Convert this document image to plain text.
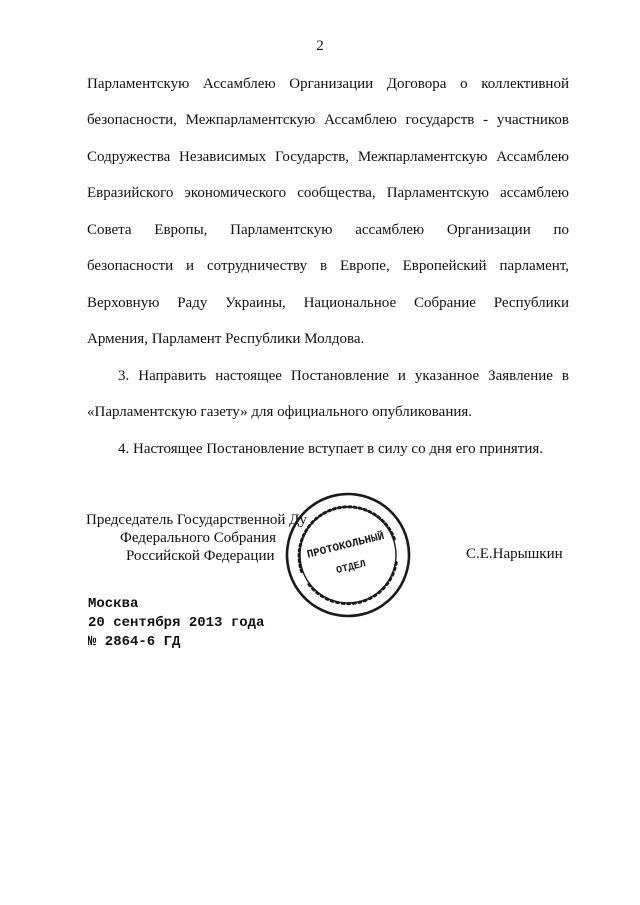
2
Парламентскую Ассамблею Организации Договора о коллективной
безопасности, Межпарламентскую Ассамблею государств - участников
Содружества Независимых Государств, Межпарламентскую Ассамблею
Евразийского экономического сообщества, Парламентскую ассамблею
Совета Европы, Парламентскую ассамблею Организации по
безопасности и сотрудничеству в Европе, Европейский парламент,
Верховную Раду Украины, Национальное Собрание Республики
Армения, Парламент Республики Молдова.
3. Направить настоящее Постановление и указанное Заявление в
«Парламентскую газету» для официального опубликования.
4. Настоящее Постановление вступает в силу со дня его принятия.
Председатель Государственной Ду
Федерального Собрания
Российской Федерации	С.Е.Нарышкин
ПРОТОКОЛЬНЫЙ
ОТДЕЛ
Москва
20 сентября 2013 года
№ 2864-6 ГД
